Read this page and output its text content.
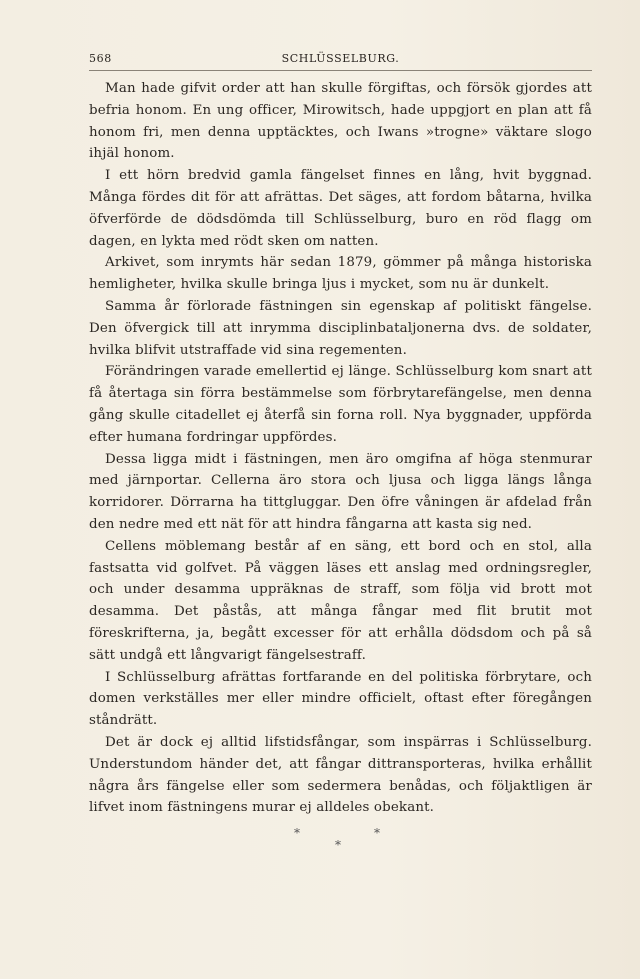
568	SCHLÜSSELBURG.

Man hade gifvit order att han skulle förgiftas, och försök gjordes att befria honom. En ung officer, Mirowitsch, hade uppgjort en plan att få honom fri, men denna upptäcktes, och Iwans »trogne» väktare slogo ihjäl honom.

I ett hörn bredvid gamla fängelset finnes en lång, hvit byggnad. Många fördes dit för att afrättas. Det säges, att fordom båtarna, hvilka öfverförde de dödsdömda till Schlüsselburg, buro en röd flagg om dagen, en lykta med rödt sken om natten.

Arkivet, som inrymts här sedan 1879, gömmer på många historiska hemligheter, hvilka skulle bringa ljus i mycket, som nu är dunkelt.

Samma år förlorade fästningen sin egenskap af politiskt fängelse. Den öfvergick till att inrymma disciplinbataljonerna dvs. de soldater, hvilka blifvit utstraffade vid sina regementen.

Förändringen varade emellertid ej länge. Schlüsselburg kom snart att få återtaga sin förra bestämmelse som förbrytarefängelse, men denna gång skulle citadellet ej återfå sin forna roll. Nya byggnader, uppförda efter humana fordringar uppfördes.

Dessa ligga midt i fästningen, men äro omgifna af höga stenmurar med järnportar. Cellerna äro stora och ljusa och ligga längs långa korridorer. Dörrarna ha tittgluggar. Den öfre våningen är afdelad från den nedre med ett nät för att hindra fångarna att kasta sig ned.

Cellens möblemang består af en säng, ett bord och en stol, alla fastsatta vid golfvet. På väggen läses ett anslag med ordningsregler, och under desamma uppräknas de straff, som följa vid brott mot desamma. Det påstås, att många fångar med flit brutit mot föreskrifterna, ja, begått excesser för att erhålla dödsdom och på så sätt undgå ett långvarigt fängelsestraff.

I Schlüsselburg afrättas fortfarande en del politiska förbrytare, och domen verkställes mer eller mindre officielt, oftast efter föregången ståndrätt.

Det är dock ej alltid lifstidsfångar, som inspärras i Schlüsselburg. Understundom händer det, att fångar dittransporteras, hvilka erhållit några års fängelse eller som sedermera benådas, och följaktligen är lifvet inom fästningens murar ej alldeles obekant.

*	*
*
